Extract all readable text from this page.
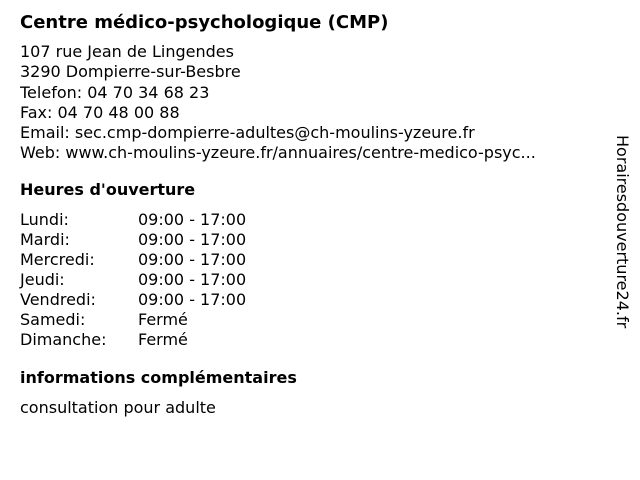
Centre médico-psychologique (CMP)
107 rue Jean de Lingendes
3290 Dompierre-sur-Besbre
Telefon: 04 70 34 68 23
Fax: 04 70 48 00 88
Email: sec.cmp-dompierre-adultes@ch-moulins-yzeure.fr
Web: www.ch-moulins-yzeure.fr/annuaires/centre-medico-psyc...
Heures d'ouverture
Lundi:	09:00 - 17:00
Mardi:	09:00 - 17:00
Mercredi:	09:00 - 17:00
Jeudi:	09:00 - 17:00
Vendredi:	09:00 - 17:00
Samedi:	Fermé
Dimanche: Fermé
informations complémentaires
consultation pour adulte
Horairesdouverture24.fr
